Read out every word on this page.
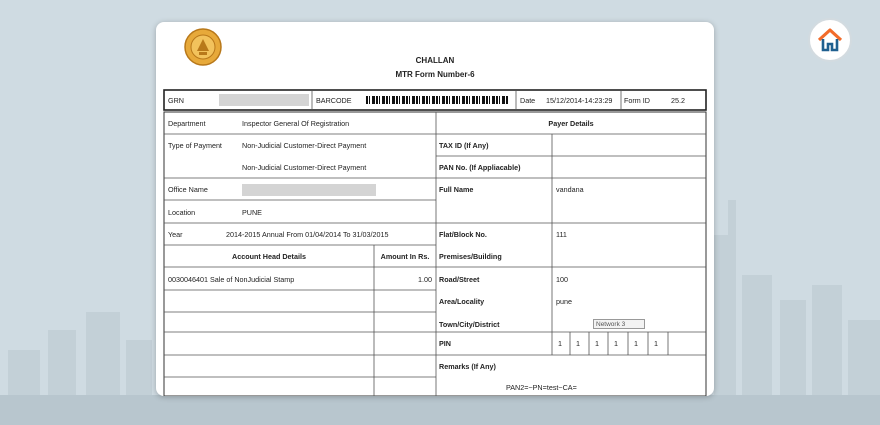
CHALLAN
MTR Form Number-6
GRN	BARCODE	Date 15/12/2014-14:23:29 Form ID	25.2
Department	Inspector General Of Registration
Type of Payment	Non-Judicial Customer-Direct Payment
Non-Judicial Customer-Direct Payment
Office Name
Location	PUNE
Year	2014-2015 Annual From 01/04/2014 To 31/03/2015
Account Head Details	Amount In Rs.
0030046401 Sale of NonJudicial Stamp	1.00
Payer Details
TAX ID (If Any)
PAN No. (If Appliacable)
Full Name	vandana
Flat/Block No.	111
Premises/Building
Road/Street	100
Area/Locality	pune
Town/City/District	Network 3
PIN	1 1 1 1 1 1
Remarks (If Any)
PAN2=~PN=test~CA=
